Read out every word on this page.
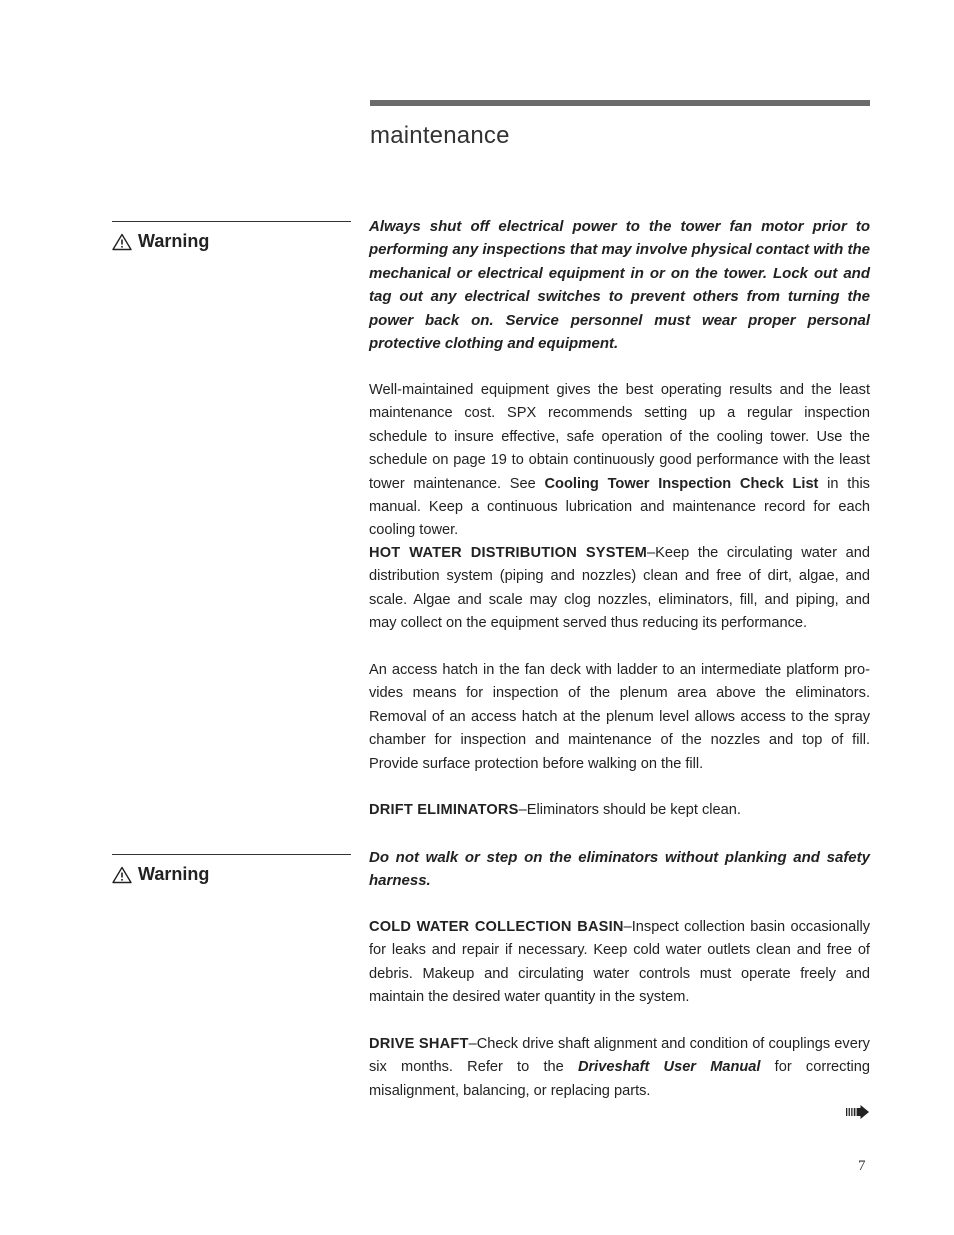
maintenance
Warning

Always shut off electrical power to the tower fan motor prior to performing any inspections that may involve physical contact with the mechanical or electrical equipment in or on the tower. Lock out and tag out any electrical switches to prevent others from turning the power back on. Service personnel must wear proper personal protective clothing and equipment.

Well-maintained equipment gives the best operating results and the least maintenance cost. SPX recommends setting up a regular inspection schedule to insure effective, safe operation of the cooling tower. Use the schedule on page 19 to obtain continuously good performance with the least tower maintenance. See Cooling Tower Inspection Check List in this manual. Keep a continuous lubrication and maintenance record for each cooling tower.

HOT WATER DISTRIBUTION SYSTEM–Keep the circulating water and distribution system (piping and nozzles) clean and free of dirt, algae, and scale. Algae and scale may clog nozzles, eliminators, fill, and piping, and may collect on the equipment served thus reducing its performance.

An access hatch in the fan deck with ladder to an intermediate platform provides means for inspection of the plenum area above the eliminators. Removal of an access hatch at the plenum level allows access to the spray chamber for inspection and maintenance of the nozzles and top of fill. Provide surface protection before walking on the fill.

DRIFT ELIMINATORS–Eliminators should be kept clean.

Warning

Do not walk or step on the eliminators without planking and safety harness.

COLD WATER COLLECTION BASIN–Inspect collection basin occasionally for leaks and repair if necessary. Keep cold water outlets clean and free of debris. Makeup and circulating water controls must operate freely and maintain the desired water quantity in the system.

DRIVE SHAFT–Check drive shaft alignment and condition of couplings every six months. Refer to the Driveshaft User Manual for correcting misalignment, balancing, or replacing parts.

7
